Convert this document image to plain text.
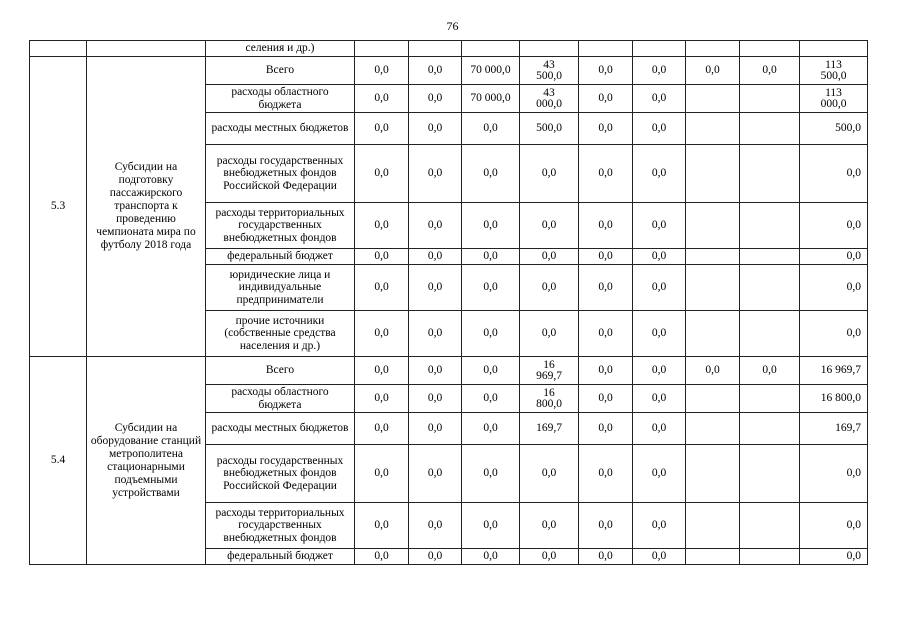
76
		селения и др.)									
5.3	Субсидии на подготовку пассажирского транспорта к проведению чемпионата мира по футболу 2018 года	Всего	0,0	0,0	70 000,0	43 500,0	0,0	0,0	0,0	0,0	113 500,0
		расходы областного бюджета	0,0	0,0	70 000,0	43 000,0	0,0	0,0			113 000,0
		расходы местных бюджетов	0,0	0,0	0,0	500,0	0,0	0,0			500,0
		расходы государственных внебюджетных фондов Российской Федерации	0,0	0,0	0,0	0,0	0,0	0,0			0,0
		расходы территориальных государственных внебюджетных фондов	0,0	0,0	0,0	0,0	0,0	0,0			0,0
		федеральный бюджет	0,0	0,0	0,0	0,0	0,0	0,0			0,0
		юридические лица и индивидуальные предприниматели	0,0	0,0	0,0	0,0	0,0	0,0			0,0
		прочие источники (собственные средства населения и др.)	0,0	0,0	0,0	0,0	0,0	0,0			0,0
5.4	Субсидии на оборудование станций метрополитена стационарными подъемными устройствами	Всего	0,0	0,0	0,0	16 969,7	0,0	0,0	0,0	0,0	16 969,7
		расходы областного бюджета	0,0	0,0	0,0	16 800,0	0,0	0,0			16 800,0
		расходы местных бюджетов	0,0	0,0	0,0	169,7	0,0	0,0			169,7
		расходы государственных внебюджетных фондов Российской Федерации	0,0	0,0	0,0	0,0	0,0	0,0			0,0
		расходы территориальных государственных внебюджетных фондов	0,0	0,0	0,0	0,0	0,0	0,0			0,0
		федеральный бюджет	0,0	0,0	0,0	0,0	0,0	0,0			0,0
